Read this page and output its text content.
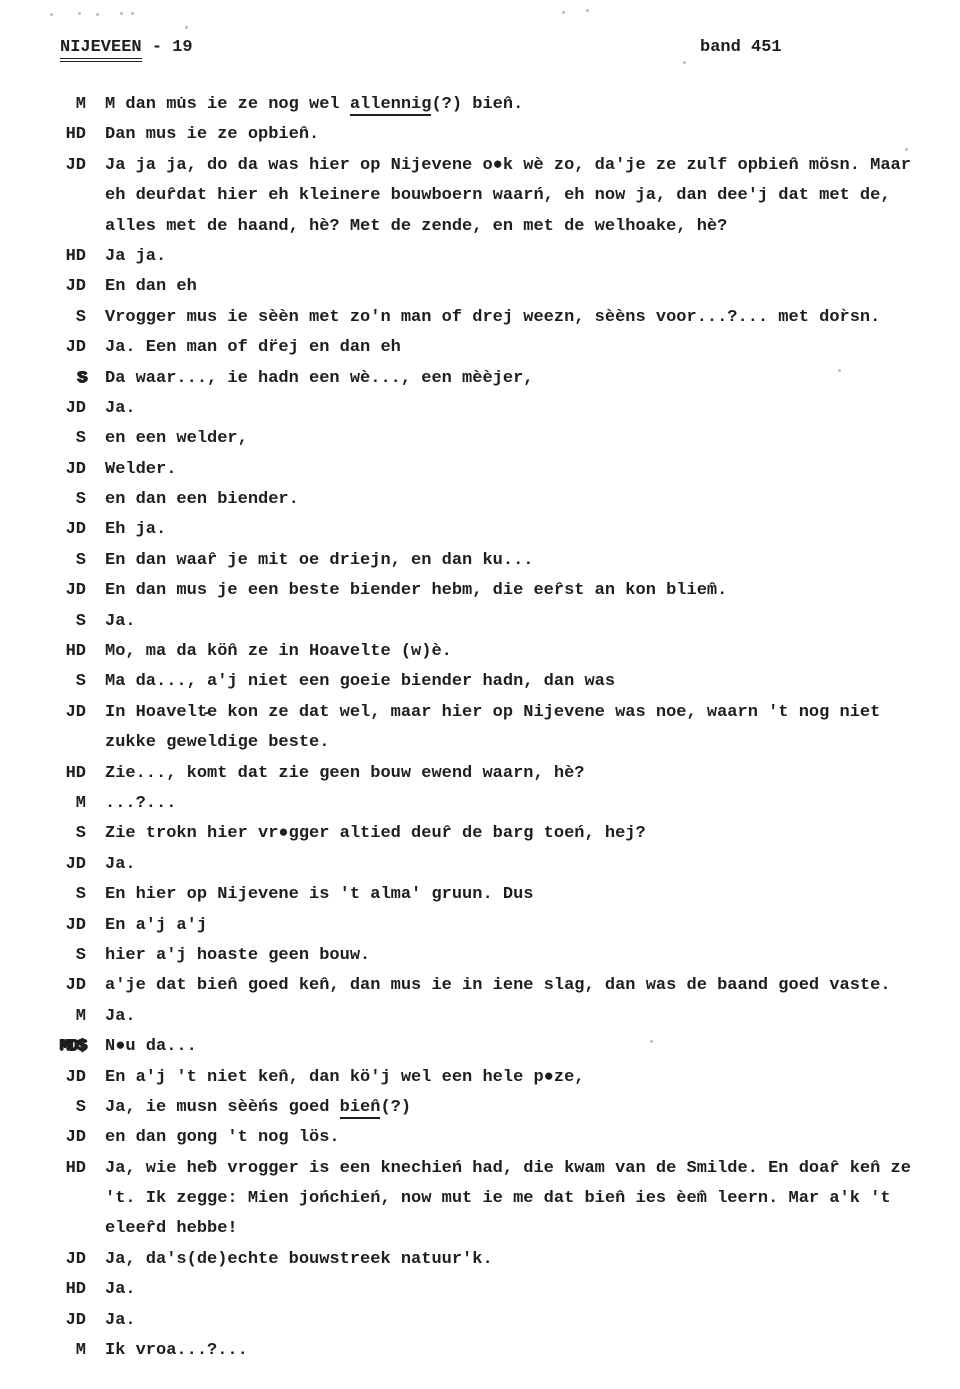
NIJEVEEN - 19	band 451
M M dan mu̇s ie ze nog wel allennig(?) bien̂.
HD Dan mus ie ze opbien̂.
JD Ja ja ja, do da was hier op Nijevene o●k wè zo, da'je ze zulf opbien̂ mösn. Maar
eh deur̂dat hier eh kleinere bouwboern waarń, eh now ja, dan dee'j dat met de,
alles met de haand, hè? Met de zende, en met de welhoake, hè?
HD Ja ja.
JD En dan eh
S Vrogger mus ie sèèn met zo'n man of drej weezn, sèèns voor...?... met dor̀sn.
JD Ja. Een man of dr̈ej en dan eh
S Da waar..., ie hadn een wè..., een mèèjer,
JD Ja.
S en een welder,
JD Welder.
S en dan een biender.
JD Eh ja.
S En dan waar̂ je mit oe driejn, en dan ku...
JD En dan mus je een beste biender hebm, die eer̂st an kon bliem̂.
S Ja.
HD Mo, ma da kön̂ ze in Hoavelte (w)è.
S Ma da..., a'j niet een goeie biender hadn, dan was
JD In Hoavelt̵e kon ze dat wel, maar hier op Nijevene was noe, waarn 't nog niet
zukke geweldige beste.
HD Zie..., komt dat zie geen bouw ewend waarn, hè?
M ...?...
S Zie trokn hier vr●gger altied deur̂ de barg toeń, hej?
JD Ja.
S En hier op Nijevene is 't alma' gruun. Dus
JD En a'j a'j
S hier a'j hoaste geen bouw.
JD a'je dat bien̂ goed ken̂, dan mus ie in iene slag, dan was de baand goed vaste.
M Ja.
MD$ N●u da...
JD En a'j 't niet ken̂, dan kö'j wel een hele p●ze,
S Ja, ie musn sèèńs goed bien̂(?)
JD en dan gong 't nog lös.
HD Ja, wie heƀ vrogger is een knechień had, die kwam van de Smilde. En doar̂ ken̂ ze
't. Ik zegge: Mien jońchień, now mut ie me dat bien̂ ies èem̂ leern. Mar a'k 't
eleer̂d hebbe!
JD Ja, da's(de)echte bouwstreek natuur'k.
HD Ja.
JD Ja.
M Ik vroa...?...
